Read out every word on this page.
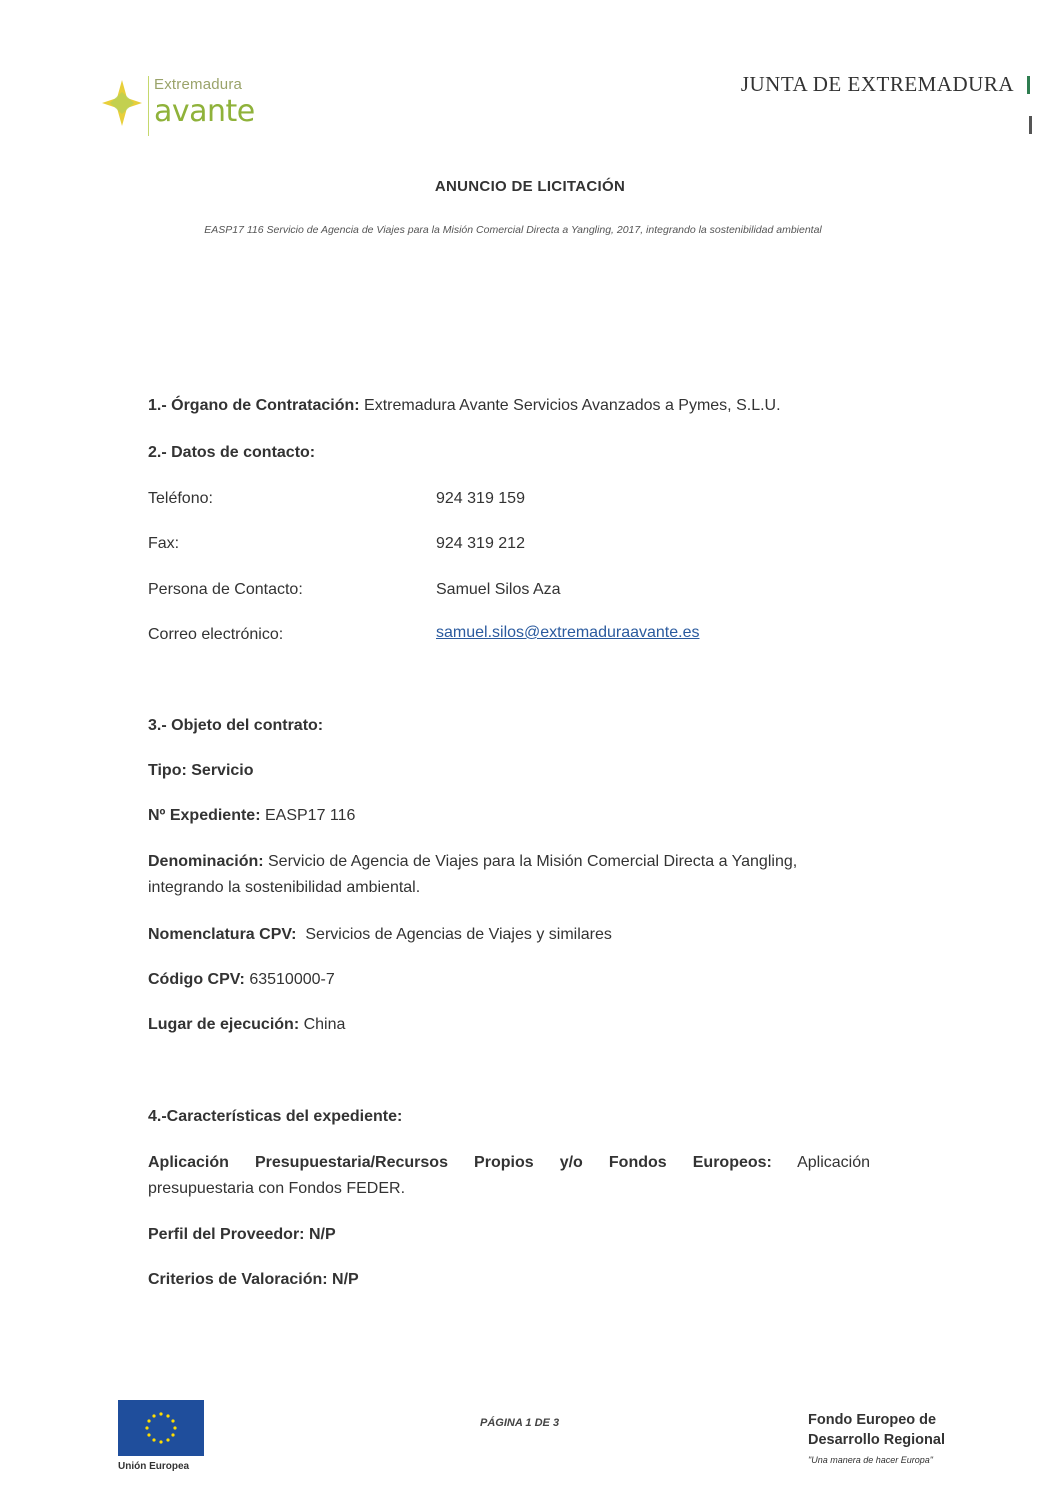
Extremadura
avante
JUNTA DE EXTREMADURA
ANUNCIO DE LICITACIÓN
EASP17 116 Servicio de Agencia de Viajes para la Misión Comercial Directa a Yangling, 2017, integrando la sostenibilidad ambiental
1.- Órgano de Contratación: Extremadura Avante Servicios Avanzados a Pymes, S.L.U.
2.- Datos de contacto:
Teléfono:	924 319 159
Fax:	924 319 212
Persona de Contacto:	Samuel Silos Aza
Correo electrónico:	samuel.silos@extremaduraavante.es
3.- Objeto del contrato:
Tipo: Servicio
Nº Expediente: EASP17 116
Denominación: Servicio de Agencia de Viajes para la Misión Comercial Directa a Yangling,
integrando la sostenibilidad ambiental.
Nomenclatura CPV:  Servicios de Agencias de Viajes y similares
Código CPV: 63510000-7
Lugar de ejecución: China
4.-Características del expediente:
Aplicación Presupuestaria/Recursos Propios y/o Fondos Europeos: Aplicación
presupuestaria con Fondos FEDER.
Perfil del Proveedor: N/P
Criterios de Valoración: N/P
Unión Europea
PÁGINA 1 DE 3	Fondo Europeo de
Desarrollo Regional
"Una manera de hacer Europa"
